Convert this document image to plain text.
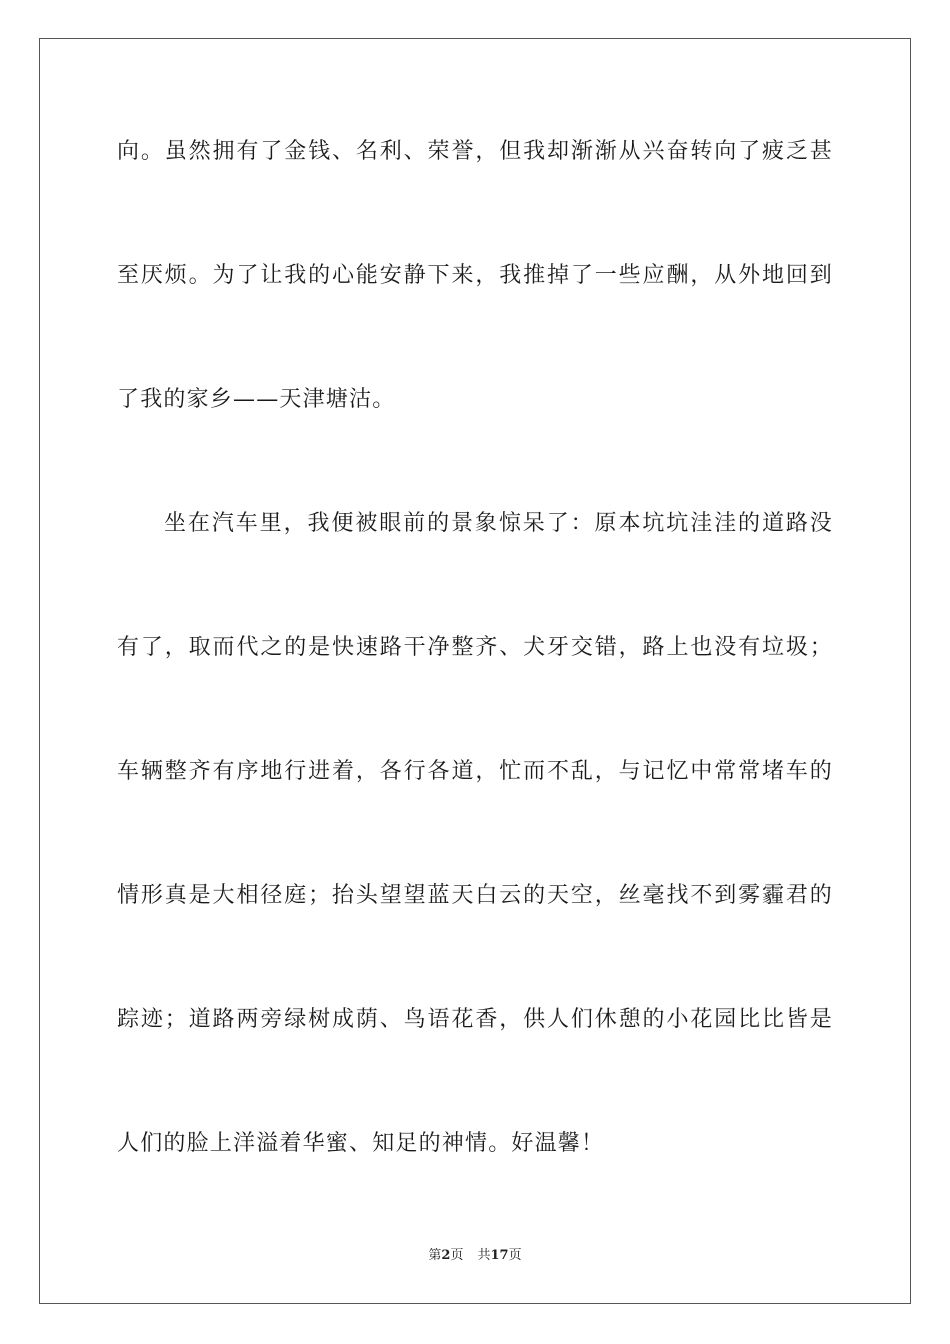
向。虽然拥有了金钱、名利、荣誉，但我却渐渐从兴奋转向了疲乏甚
至厌烦。为了让我的心能安静下来，我推掉了一些应酬，从外地回到
了我的家乡——天津塘沽。
坐在汽车里，我便被眼前的景象惊呆了：原本坑坑洼洼的道路没
有了，取而代之的是快速路干净整齐、犬牙交错，路上也没有垃圾；
车辆整齐有序地行进着，各行各道，忙而不乱，与记忆中常常堵车的
情形真是大相径庭；抬头望望蓝天白云的天空，丝毫找不到雾霾君的
踪迹；道路两旁绿树成荫、鸟语花香，供人们休憩的小花园比比皆是
人们的脸上洋溢着华蜜、知足的神情。好温馨！
第2页 共17页
